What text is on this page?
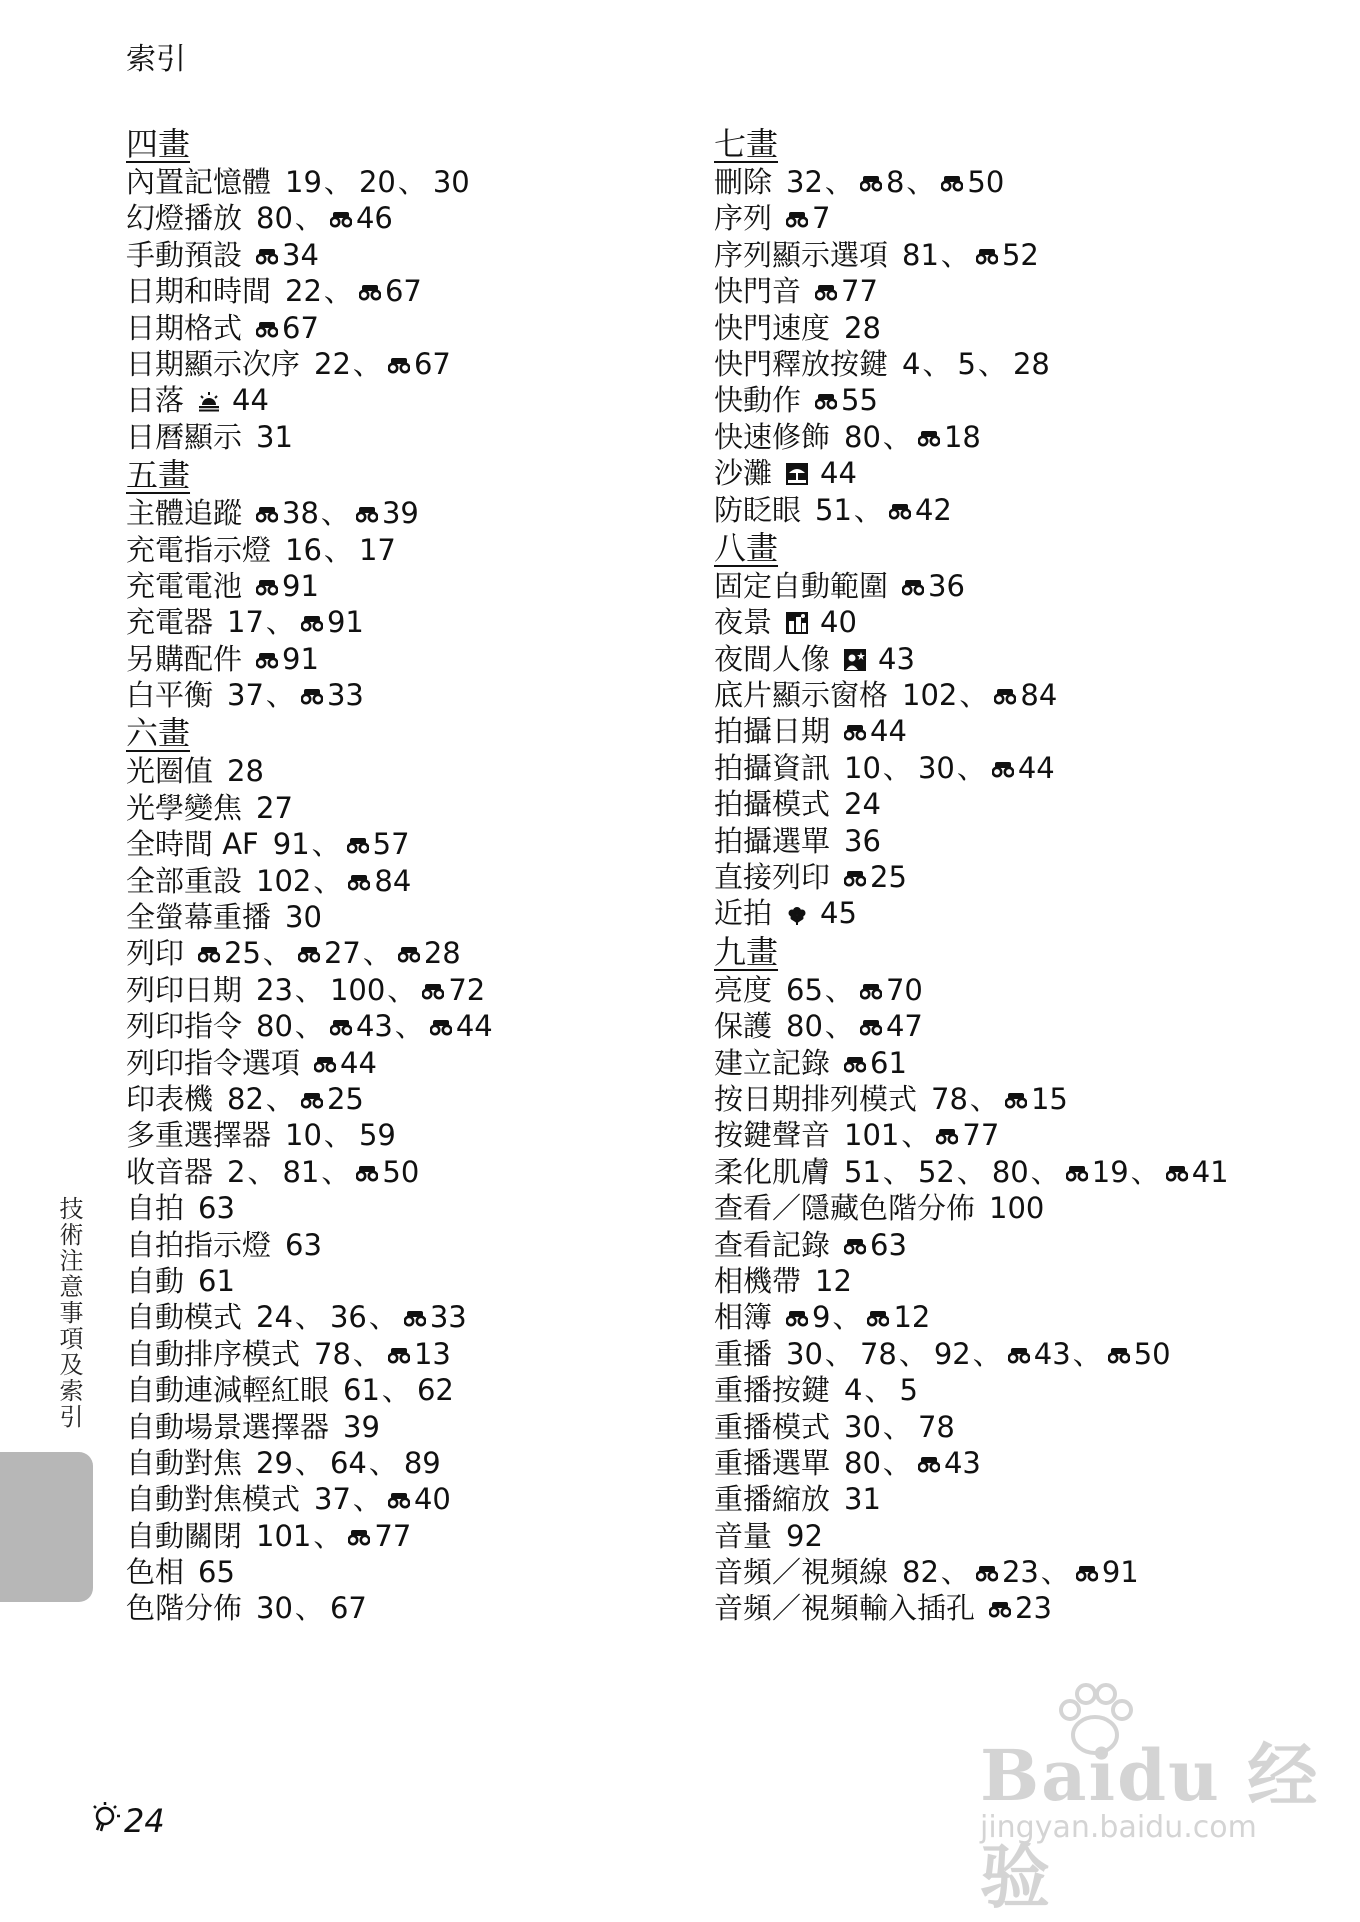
索引
四畫
內置記憶體 19、 20、 30
幻燈播放 80、 46
手動預設 34
日期和時間 22、 67
日期格式 67
日期顯示次序 22、 67
日落 44
日曆顯示 31
五畫
主體追蹤 38、 39
充電指示燈 16、 17
充電電池 91
充電器 17、 91
另購配件 91
白平衡 37、 33
六畫
光圈值 28
光學變焦 27
全時間 AF 91、 57
全部重設 102、 84
全螢幕重播 30
列印 25、 27、 28
列印日期 23、 100、 72
列印指令 80、 43、 44
列印指令選項 44
印表機 82、 25
多重選擇器 10、 59
收音器 2、 81、 50
自拍 63
自拍指示燈 63
自動 61
自動模式 24、 36、 33
自動排序模式 78、 13
自動連減輕紅眼 61、 62
自動場景選擇器 39
自動對焦 29、 64、 89
自動對焦模式 37、 40
自動關閉 101、 77
色相 65
色階分佈 30、 67
七畫
刪除 32、 8、 50
序列 7
序列顯示選項 81、 52
快門音 77
快門速度 28
快門釋放按鍵 4、 5、 28
快動作 55
快速修飾 80、 18
沙灘 44
防眨眼 51、 42
八畫
固定自動範圍 36
夜景 40
夜間人像 43
底片顯示窗格 102、 84
拍攝日期 44
拍攝資訊 10、 30、 44
拍攝模式 24
拍攝選單 36
直接列印 25
近拍 45
九畫
亮度 65、 70
保護 80、 47
建立記錄 61
按日期排列模式 78、 15
按鍵聲音 101、 77
柔化肌膚 51、 52、 80、 19、 41
查看／隱藏色階分佈 100
查看記錄 63
相機帶 12
相簿 9、 12
重播 30、 78、 92、 43、 50
重播按鍵 4、 5
重播模式 30、 78
重播選單 80、 43
重播縮放 31
音量 92
音頻／視頻線 82、 23、 91
音頻／視頻輸入插孔 23
技術注意事項及索引
24
Baidu 经验
jingyan.baidu.com
